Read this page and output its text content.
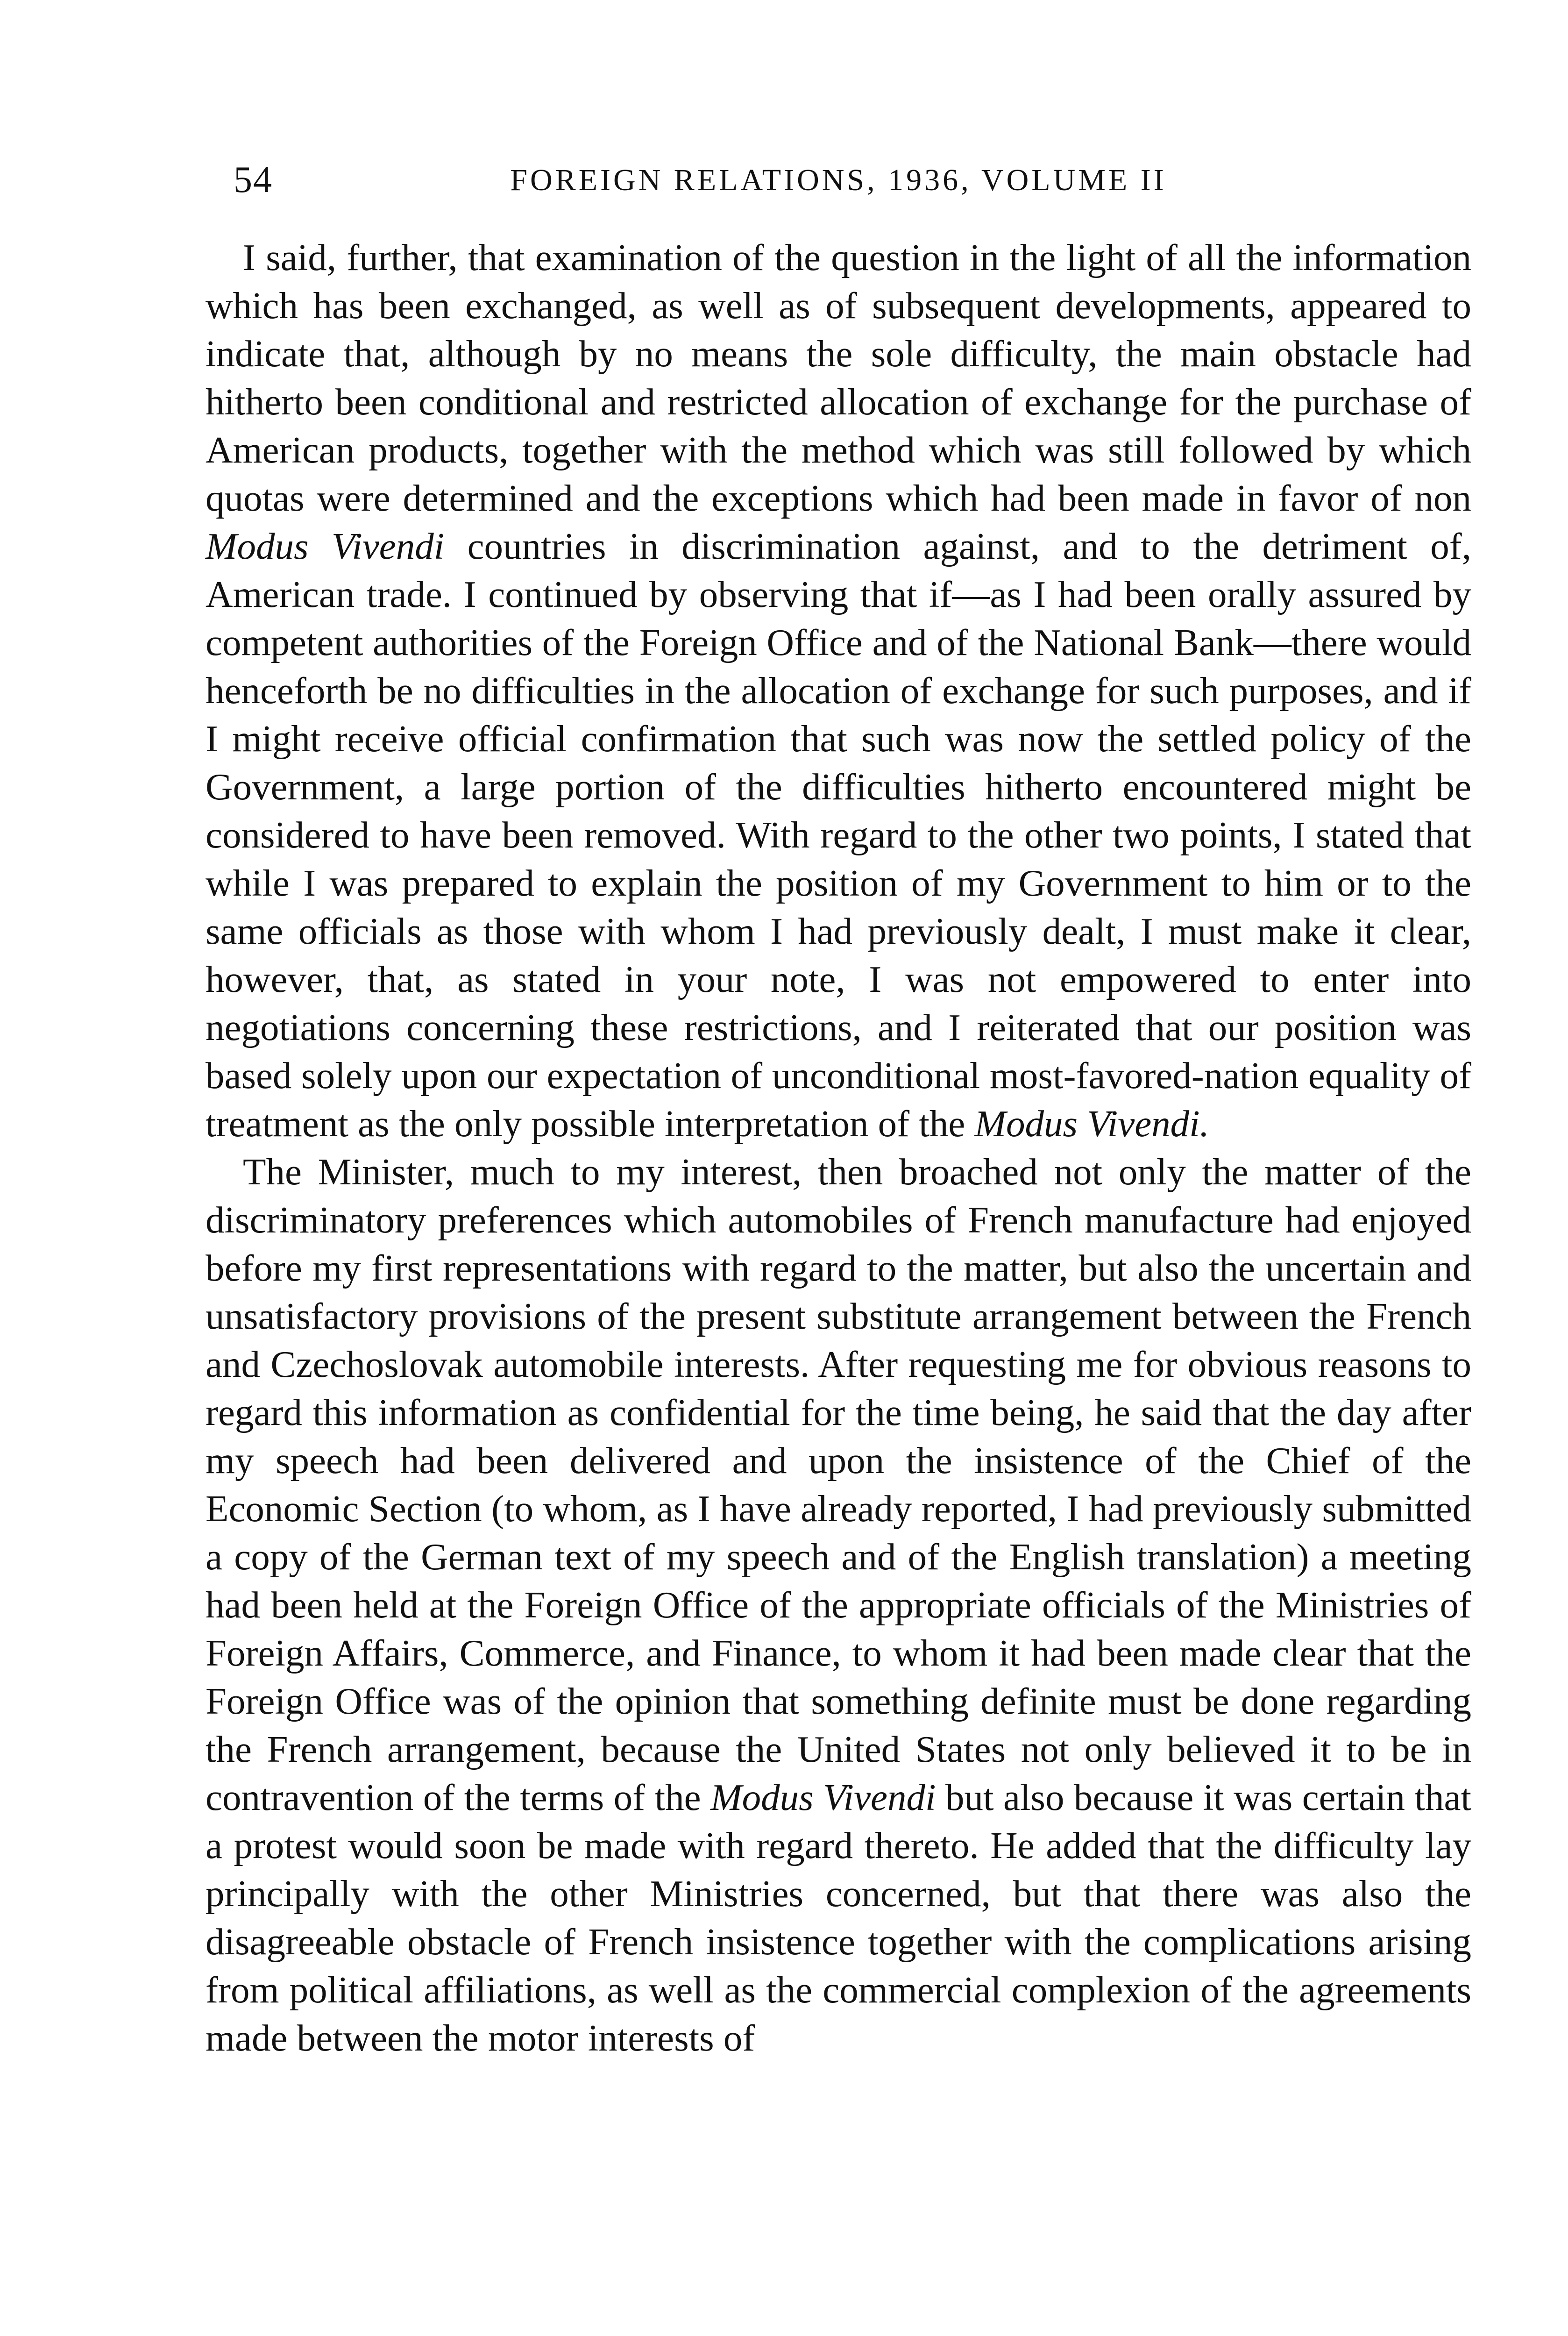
54	FOREIGN RELATIONS, 1936, VOLUME II

I said, further, that examination of the question in the light of all the information which has been exchanged, as well as of subsequent developments, appeared to indicate that, although by no means the sole difficulty, the main obstacle had hitherto been conditional and restricted allocation of exchange for the purchase of American products, together with the method which was still followed by which quotas were determined and the exceptions which had been made in favor of non Modus Vivendi countries in discrimination against, and to the detriment of, American trade. I continued by observing that if—as I had been orally assured by competent authorities of the Foreign Office and of the National Bank—there would henceforth be no difficulties in the allocation of exchange for such purposes, and if I might receive official confirmation that such was now the settled policy of the Government, a large portion of the difficulties hitherto encountered might be considered to have been removed. With regard to the other two points, I stated that while I was prepared to explain the position of my Government to him or to the same officials as those with whom I had previously dealt, I must make it clear, however, that, as stated in your note, I was not empowered to enter into negotiations concerning these restrictions, and I reiterated that our position was based solely upon our expectation of unconditional most-favored-nation equality of treatment as the only possible interpretation of the Modus Vivendi.

The Minister, much to my interest, then broached not only the matter of the discriminatory preferences which automobiles of French manufacture had enjoyed before my first representations with regard to the matter, but also the uncertain and unsatisfactory provisions of the present substitute arrangement between the French and Czechoslovak automobile interests. After requesting me for obvious reasons to regard this information as confidential for the time being, he said that the day after my speech had been delivered and upon the insistence of the Chief of the Economic Section (to whom, as I have already reported, I had previously submitted a copy of the German text of my speech and of the English translation) a meeting had been held at the Foreign Office of the appropriate officials of the Ministries of Foreign Affairs, Commerce, and Finance, to whom it had been made clear that the Foreign Office was of the opinion that something definite must be done regarding the French arrangement, because the United States not only believed it to be in contravention of the terms of the Modus Vivendi but also because it was certain that a protest would soon be made with regard thereto. He added that the difficulty lay principally with the other Ministries concerned, but that there was also the disagreeable obstacle of French insistence together with the complications arising from political affiliations, as well as the commercial complexion of the agreements made between the motor interests of
